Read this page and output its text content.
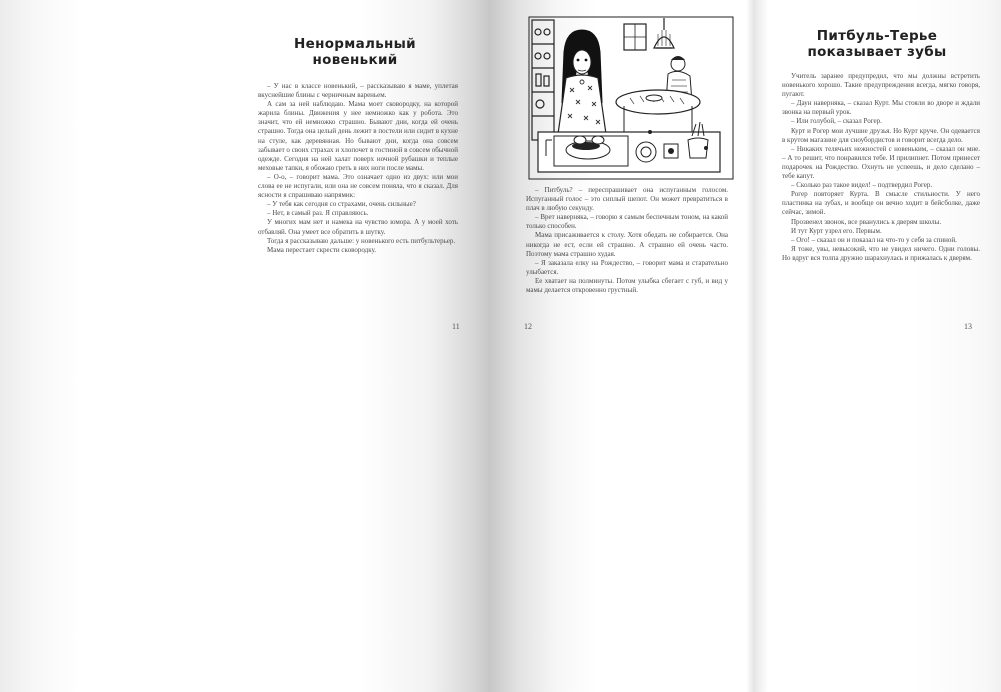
Ненормальный
новенький

– У нас в классе новенький, – рассказываю я маме, уплетая вкуснейшие блины с черничным вареньем.

А сам за ней наблюдаю. Мама моет сковородку, на которой жарила блины. Движения у нее немножко как у робота. Это значит, что ей немножко страшно. Бывают дни, когда ей очень страшно. Тогда она целый день лежит в постели или сидит в кухне на стуле, как деревянная. Но бывают дни, когда она совсем забывает о своих страхах и хлопочет в гостиной в совсем обычной одежде. Сегодня на ней халат поверх ночной рубашки и теплые меховые тапки, я обожаю греть в них ноги после мамы.

– О-о, – говорит мама. Это означает одно из двух: или мои слова ее не испугали, или она не совсем поняла, что я сказал. Для ясности я спрашиваю напрямик:

– У тебя как сегодня со страхами, очень сильные?

– Нет, в самый раз. Я справляюсь.

У многих мам нет и намека на чувство юмора. А у моей хоть отбавляй. Она умеет все обратить в шутку.

Тогда я рассказываю дальше: у новенького есть питбультерьер.

Мама перестает скрести сковородку.

11

– Питбуль? – переспрашивает она испуганным голосом. Испуганный голос – это сиплый шепот. Он может превратиться в плач в любую секунду.

– Врет наверняка, – говорю я самым беспечным тоном, на какой только способен.

Мама присаживается к столу. Хотя обедать не собирается. Она никогда не ест, если ей страшно. А страшно ей очень часто. Поэтому мама страшно худая.

– Я заказала елку на Рождество, – говорит мама и старательно улыбается.

Ее хватает на полминуты. Потом улыбка сбегает с губ, и вид у мамы делается откровенно грустный.

12
Питбуль-Терье
показывает зубы

Учитель заранее предупредил, что мы должны встретить новенького хорошо. Такие предупреждения всегда, мягко говоря, пугают.

– Даун наверняка, – сказал Курт. Мы стояли во дворе и ждали звонка на первый урок.

– Или голубой, – сказал Рогер.

Курт и Рогер мои лучшие друзья. Но Курт круче. Он одевается в крутом магазине для сноубордистов и говорит всегда дело.

– Никаких телячьих нежностей с новеньким, – сказал он мне. – А то решит, что понравился тебе. И прилипнет. Потом принесет подарочек на Рождество. Охнуть не успеешь, и дело сделано – тебе капут.

– Сколько раз такое видел! – подтвердил Рогер.

Рогер повторяет Курта. В смысле стильности. У него пластинка на зубах, и вообще он вечно ходит в бейсболке, даже сейчас, зимой.

Прозвенел звонок, все рванулись к дверям школы.

И тут Курт узрел его. Первым.

– Ого! – сказал он и показал на что-то у себя за спиной.

Я тоже, увы, невысокий, что не увидел ничего. Одни головы. Но вдруг вся толпа дружно шарахнулась и прижалась к дверям.

13
